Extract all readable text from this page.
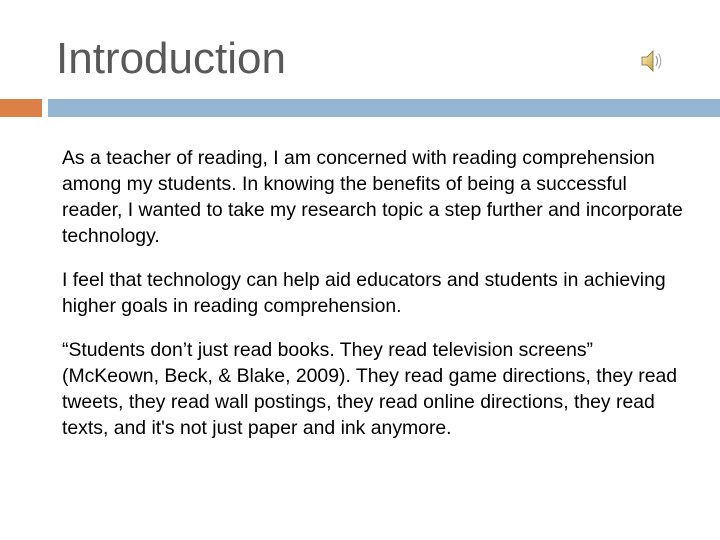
Introduction

As a teacher of reading, I am concerned with reading comprehension among my students. In knowing the benefits of being a successful reader, I wanted to take my research topic a step further and incorporate technology.

I feel that technology can help aid educators and students in achieving higher goals in reading comprehension.

“Students don’t just read books. They read television screens” (McKeown, Beck, & Blake, 2009). They read game directions, they read tweets, they read wall postings, they read online directions, they read texts, and it's not just paper and ink anymore.
